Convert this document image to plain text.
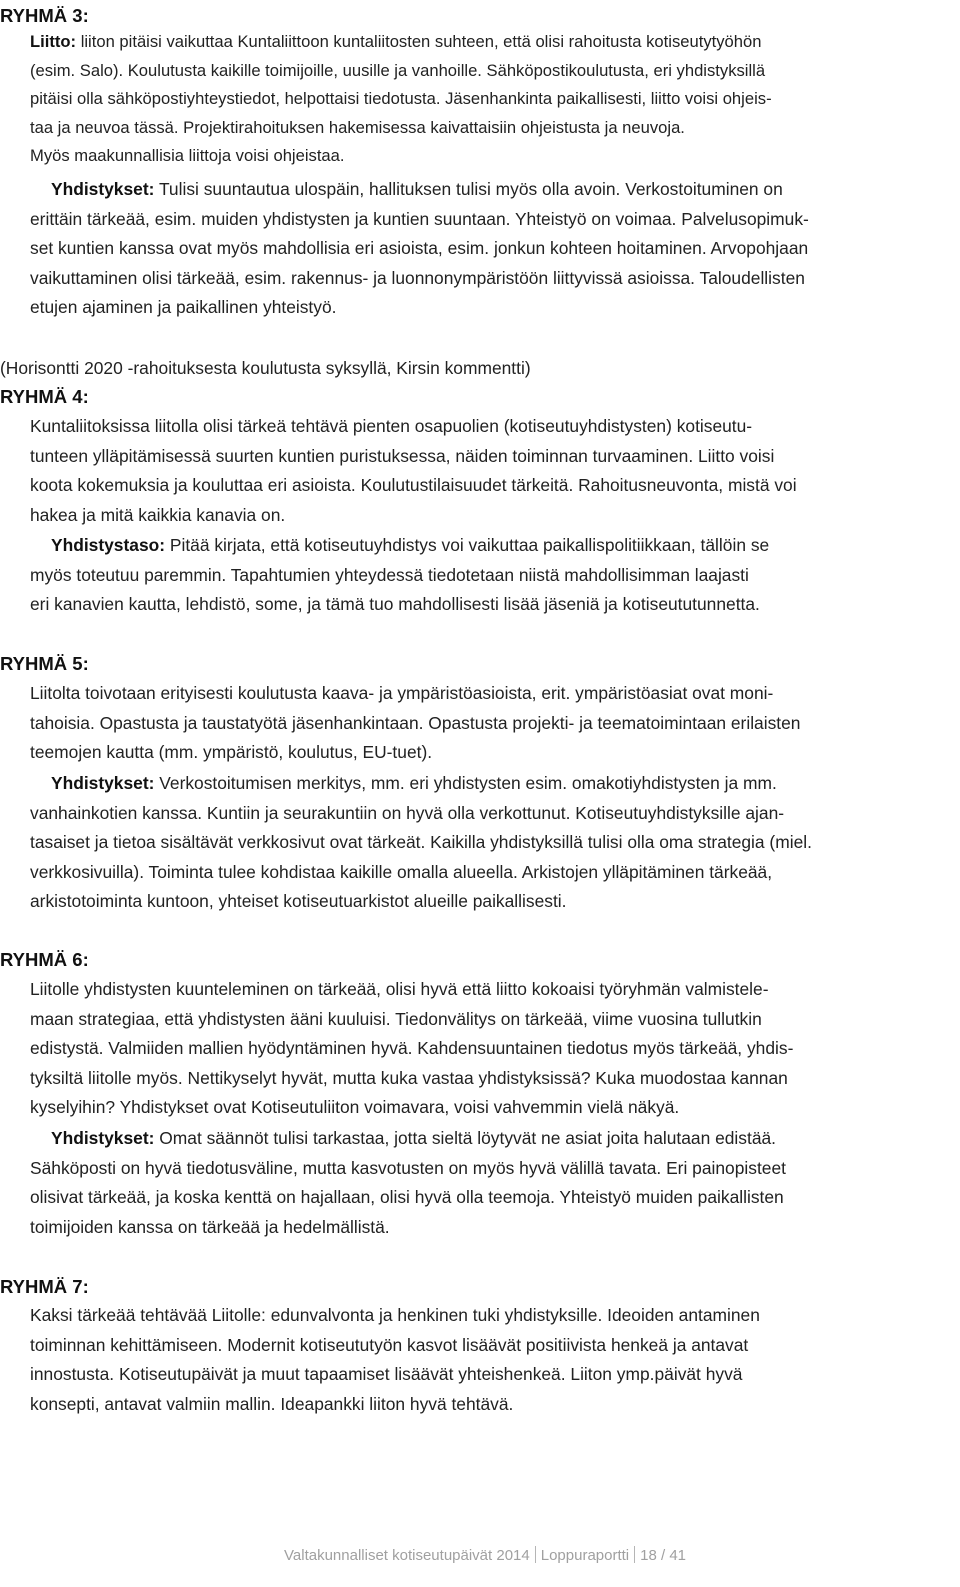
RYHMÄ 3:
Liitto: liiton pitäisi vaikuttaa Kuntaliittoon kuntaliitosten suhteen, että olisi rahoitusta kotiseutytyöhön
(esim. Salo). Koulutusta kaikille toimijoille, uusille ja vanhoille. Sähköpostikoulutusta, eri yhdistyksillä
pitäisi olla sähköpostiyhteystiedot, helpottaisi tiedotusta. Jäsenhankinta paikallisesti, liitto voisi ohjeis-
taa ja neuvoa tässä. Projektirahoituksen hakemisessa kaivattaisiin ohjeistusta ja neuvoja.
Myös maakunnallisia liittoja voisi ohjeistaa.
Yhdistykset: Tulisi suuntautua ulospäin, hallituksen tulisi myös olla avoin. Verkostoituminen on
erittäin tärkeää, esim. muiden yhdistysten ja kuntien suuntaan. Yhteistyö on voimaa. Palvelusopimuk-
set kuntien kanssa ovat myös mahdollisia eri asioista, esim. jonkun kohteen hoitaminen. Arvopohjaan
vaikuttaminen olisi tärkeää, esim. rakennus- ja luonnonympäristöön liittyvissä asioissa. Taloudellisten
etujen ajaminen ja paikallinen yhteistyö.

(Horisontti 2020 -rahoituksesta koulutusta syksyllä, Kirsin kommentti)

RYHMÄ 4:
Kuntaliitoksissa liitolla olisi tärkeä tehtävä pienten osapuolien (kotiseutuyhdistysten) kotiseutu-
tunteen ylläpitämisessä suurten kuntien puristuksessa, näiden toiminnan turvaaminen. Liitto voisi
koota kokemuksia ja kouluttaa eri asioista. Koulutustilaisuudet tärkeitä. Rahoitusneuvonta, mistä voi
hakea ja mitä kaikkia kanavia on.
Yhdistystaso: Pitää kirjata, että kotiseutuyhdistys voi vaikuttaa paikallispolitiikkaan, tällöin se
myös toteutuu paremmin. Tapahtumien yhteydessä tiedotetaan niistä mahdollisimman laajasti
eri kanavien kautta, lehdistö, some, ja tämä tuo mahdollisesti lisää jäseniä ja kotiseututunnetta.
RYHMÄ 5:
Liitolta toivotaan erityisesti koulutusta kaava- ja ympäristöasioista, erit. ympäristöasiat ovat moni-
tahoisia. Opastusta ja taustatyötä jäsenhankintaan. Opastusta projekti- ja teematoimintaan erilaisten
teemojen kautta (mm. ympäristö, koulutus, EU-tuet).
Yhdistykset: Verkostoitumisen merkitys, mm. eri yhdistysten esim. omakotiyhdistysten ja mm.
vanhainkotien kanssa. Kuntiin ja seurakuntiin on hyvä olla verkottunut. Kotiseutuyhdistyksille ajan-
tasaiset ja tietoa sisältävät verkkosivut ovat tärkeät. Kaikilla yhdistyksillä tulisi olla oma strategia (miel.
verkkosivuilla). Toiminta tulee kohdistaa kaikille omalla alueella. Arkistojen ylläpitäminen tärkeää,
arkistotoiminta kuntoon, yhteiset kotiseutuarkistot alueille paikallisesti.
RYHMÄ 6:
Liitolle yhdistysten kuunteleminen on tärkeää, olisi hyvä että liitto kokoaisi työryhmän valmistele-
maan strategiaa, että yhdistysten ääni kuuluisi. Tiedonvälitys on tärkeää, viime vuosina tullutkin
edistystä. Valmiiden mallien hyödyntäminen hyvä. Kahdensuuntainen tiedotus myös tärkeää, yhdis-
tyksiltä liitolle myös. Nettikyselyt hyvät, mutta kuka vastaa yhdistyksissä? Kuka muodostaa kannan
kyselyihin? Yhdistykset ovat Kotiseutuliiton voimavara, voisi vahvemmin vielä näkyä.
Yhdistykset: Omat säännöt tulisi tarkastaa, jotta sieltä löytyvät ne asiat joita halutaan edistää.
Sähköposti on hyvä tiedotusväline, mutta kasvotusten on myös hyvä välillä tavata. Eri painopisteet
olisivat tärkeää, ja koska kenttä on hajallaan, olisi hyvä olla teemoja. Yhteistyö muiden paikallisten
toimijoiden kanssa on tärkeää ja hedelmällistä.
RYHMÄ 7:
Kaksi tärkeää tehtävää Liitolle: edunvalvonta ja henkinen tuki yhdistyksille. Ideoiden antaminen
toiminnan kehittämiseen. Modernit kotiseututyön kasvot lisäävät positiivista henkeä ja antavat
innostusta. Kotiseutupäivät ja muut tapaamiset lisäävät yhteishenkeä. Liiton ymp.päivät hyvä
konsepti, antavat valmiin mallin. Ideapankki liiton hyvä tehtävä.
Valtakunnalliset kotiseutupäivät 2014 Loppuraportti 18 / 41
